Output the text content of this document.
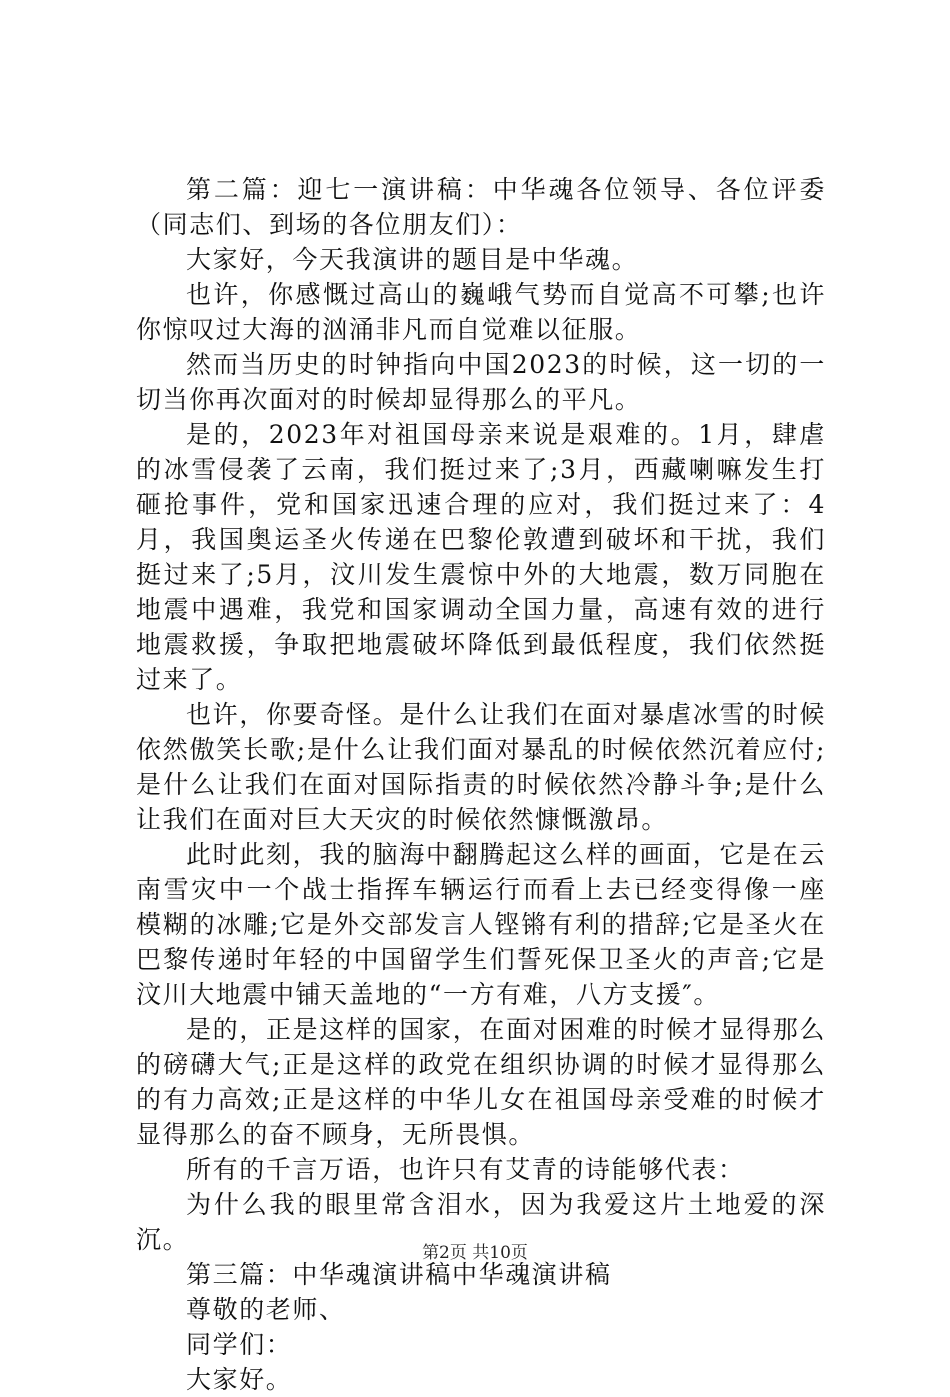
第二篇：迎七一演讲稿：中华魂各位领导、各位评委（同志们、到场的各位朋友们）：

大家好，今天我演讲的题目是中华魂。

也许，你感慨过高山的巍峨气势而自觉高不可攀;也许你惊叹过大海的汹涌非凡而自觉难以征服。

然而当历史的时钟指向中国2023的时候，这一切的一切当你再次面对的时候却显得那么的平凡。

是的，2023年对祖国母亲来说是艰难的。1月，肆虐的冰雪侵袭了云南，我们挺过来了;3月，西藏喇嘛发生打砸抢事件，党和国家迅速合理的应对，我们挺过来了：4月，我国奥运圣火传递在巴黎伦敦遭到破坏和干扰，我们挺过来了;5月，汶川发生震惊中外的大地震，数万同胞在地震中遇难，我党和国家调动全国力量，高速有效的进行地震救援，争取把地震破坏降低到最低程度，我们依然挺过来了。

也许，你要奇怪。是什么让我们在面对暴虐冰雪的时候依然傲笑长歌;是什么让我们面对暴乱的时候依然沉着应付;是什么让我们在面对国际指责的时候依然冷静斗争;是什么让我们在面对巨大天灾的时候依然慷慨激昂。

此时此刻，我的脑海中翻腾起这么样的画面，它是在云南雪灾中一个战士指挥车辆运行而看上去已经变得像一座模糊的冰雕;它是外交部发言人铿锵有利的措辞;它是圣火在巴黎传递时年轻的中国留学生们誓死保卫圣火的声音;它是汶川大地震中铺天盖地的“一方有难，八方支援″。

是的，正是这样的国家，在面对困难的时候才显得那么的磅礴大气;正是这样的政党在组织协调的时候才显得那么的有力高效;正是这样的中华儿女在祖国母亲受难的时候才显得那么的奋不顾身，无所畏惧。

所有的千言万语，也许只有艾青的诗能够代表：

为什么我的眼里常含泪水，因为我爱这片土地爱的深沉。

第三篇：中华魂演讲稿中华魂演讲稿

尊敬的老师、

同学们：

大家好。

第2页 共10页
